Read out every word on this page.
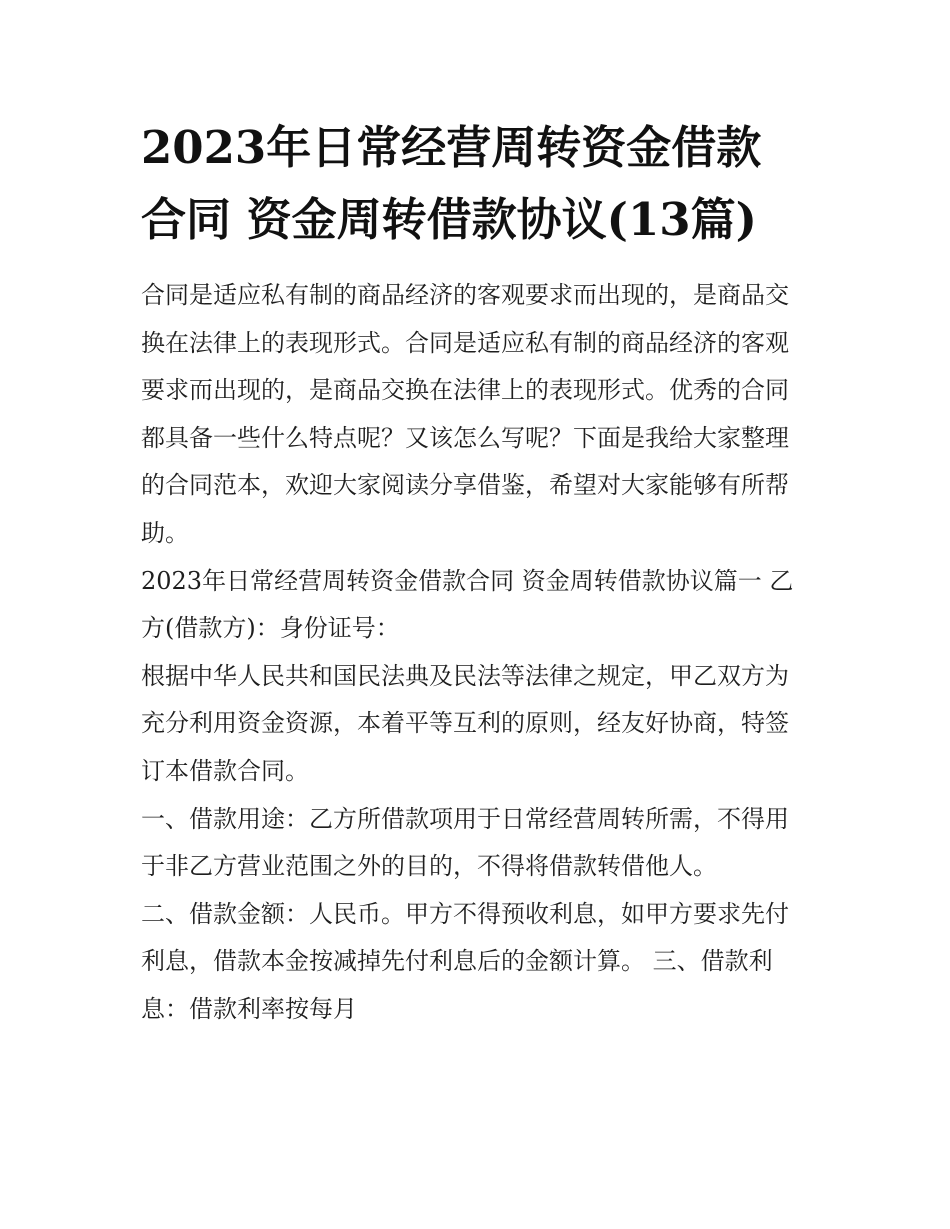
2023年日常经营周转资金借款
合同 资金周转借款协议(13篇)
合同是适应私有制的商品经济的客观要求而出现的，是商品交
换在法律上的表现形式。合同是适应私有制的商品经济的客观
要求而出现的，是商品交换在法律上的表现形式。优秀的合同
都具备一些什么特点呢？又该怎么写呢？下面是我给大家整理
的合同范本，欢迎大家阅读分享借鉴，希望对大家能够有所帮
助。
2023年日常经营周转资金借款合同 资金周转借款协议篇一 乙
方(借款方)：身份证号：
根据中华人民共和国民法典及民法等法律之规定，甲乙双方为
充分利用资金资源，本着平等互利的原则，经友好协商，特签
订本借款合同。
一、借款用途：乙方所借款项用于日常经营周转所需，不得用
于非乙方营业范围之外的目的，不得将借款转借他人。
二、借款金额：人民币。甲方不得预收利息，如甲方要求先付
利息，借款本金按减掉先付利息后的金额计算。 三、借款利
息：借款利率按每月
